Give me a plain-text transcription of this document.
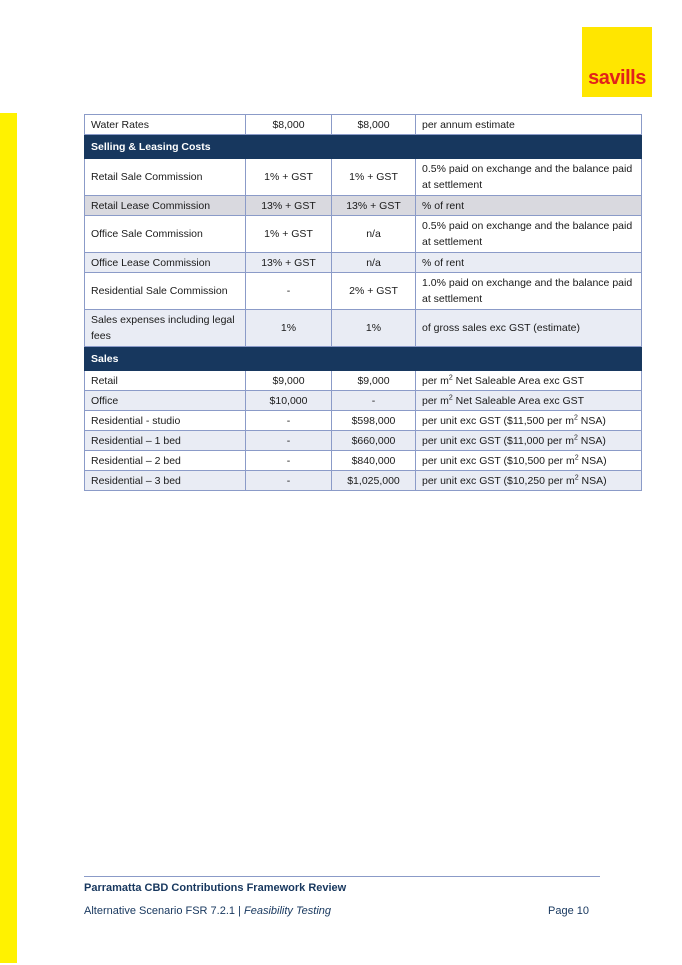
savills
Water Rates	$8,000	$8,000	per annum estimate
Selling & Leasing Costs			
Retail Sale Commission	1% + GST	1% + GST	0.5% paid on exchange and the balance paid at settlement
Retail Lease Commission	13% + GST	13% + GST	% of rent
Office Sale Commission	1% + GST	n/a	0.5% paid on exchange and the balance paid at settlement
Office Lease Commission	13% + GST	n/a	% of rent
Residential Sale Commission	-	2% + GST	1.0% paid on exchange and the balance paid at settlement
Sales expenses including legal fees	1%	1%	of gross sales exc GST (estimate)
Sales			
Retail	$9,000	$9,000	per $m^2$ Net Saleable Area exc GST
Office	$10,000	-	per $m^2$ Net Saleable Area exc GST
Residential - studio	-	$598,000	per unit exc GST ($11,500 per $m^2$ NSA)
Residential – 1 bed	-	$660,000	per unit exc GST ($11,000 per $m^2$ NSA)
Residential – 2 bed	-	$840,000	per unit exc GST ($10,500 per $m^2$ NSA)
Residential – 3 bed	-	$1,025,000	per unit exc GST ($10,250 per $m^2$ NSA)
Parramatta CBD Contributions Framework Review
Alternative Scenario FSR 7.2.1 | Feasibility Testing	Page 10
